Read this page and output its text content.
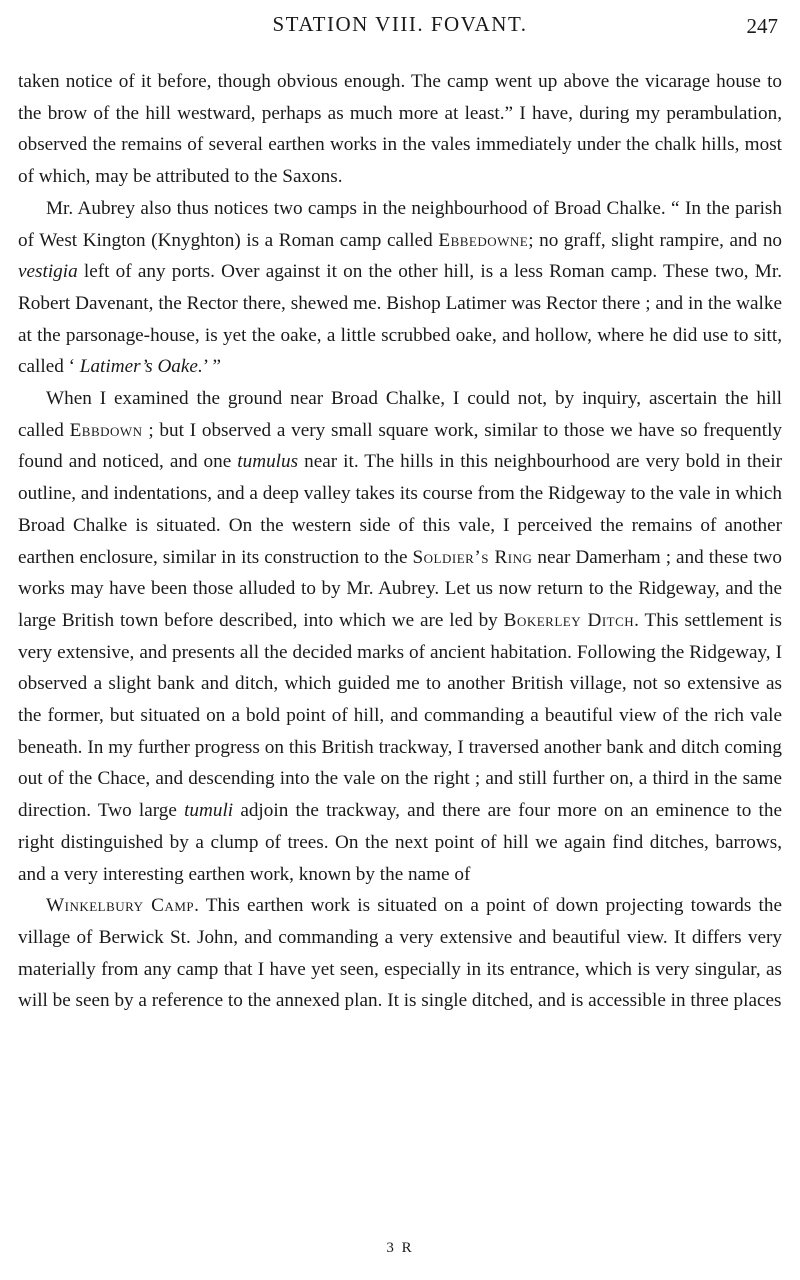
STATION VIII. FOVANT.	247

taken notice of it before, though obvious enough. The camp went up above the vicarage house to the brow of the hill westward, perhaps as much more at least.” I have, during my perambulation, observed the remains of several earthen works in the vales immediately under the chalk hills, most of which, may be attributed to the Saxons.

Mr. Aubrey also thus notices two camps in the neighbourhood of Broad Chalke. “ In the parish of West Kington (Knyghton) is a Roman camp called Ebbedowne; no graff, slight rampire, and no vestigia left of any ports. Over against it on the other hill, is a less Roman camp. These two, Mr. Robert Davenant, the Rector there, shewed me. Bishop Latimer was Rector there ; and in the walke at the parsonage-house, is yet the oake, a little scrubbed oake, and hollow, where he did use to sitt, called ‘ Latimer’s Oake.’ ”

When I examined the ground near Broad Chalke, I could not, by inquiry, ascertain the hill called Ebbdown ; but I observed a very small square work, similar to those we have so frequently found and noticed, and one tumulus near it. The hills in this neighbourhood are very bold in their outline, and indentations, and a deep valley takes its course from the Ridgeway to the vale in which Broad Chalke is situated. On the western side of this vale, I perceived the remains of another earthen enclosure, similar in its construction to the Soldier’s Ring near Damerham ; and these two works may have been those alluded to by Mr. Aubrey. Let us now return to the Ridgeway, and the large British town before described, into which we are led by Bokerley Ditch. This settlement is very extensive, and presents all the decided marks of ancient habitation. Following the Ridgeway, I observed a slight bank and ditch, which guided me to another British village, not so extensive as the former, but situated on a bold point of hill, and commanding a beautiful view of the rich vale beneath. In my further progress on this British trackway, I traversed another bank and ditch coming out of the Chace, and descending into the vale on the right ; and still further on, a third in the same direction. Two large tumuli adjoin the trackway, and there are four more on an eminence to the right distinguished by a clump of trees. On the next point of hill we again find ditches, barrows, and a very interesting earthen work, known by the name of

Winkelbury Camp. This earthen work is situated on a point of down projecting towards the village of Berwick St. John, and commanding a very extensive and beautiful view. It differs very materially from any camp that I have yet seen, especially in its entrance, which is very singular, as will be seen by a reference to the annexed plan. It is single ditched, and is accessible in three places

3 R
